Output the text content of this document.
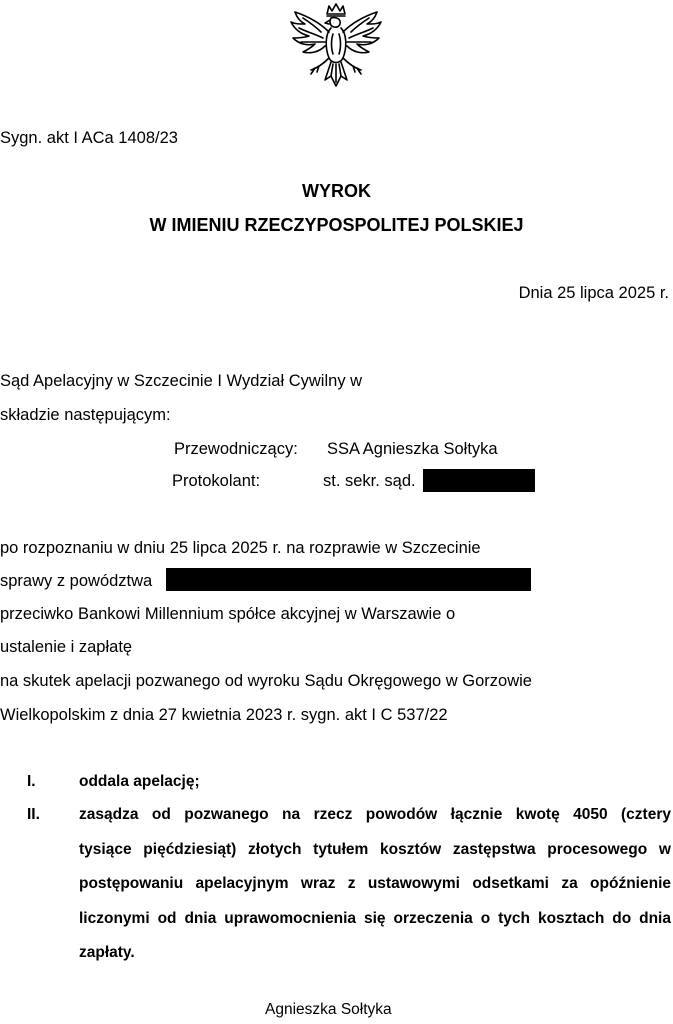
Sygn. akt I ACa 1408/23
WYROK
W IMIENIU RZECZYPOSPOLITEJ POLSKIEJ
Dnia 25 lipca 2025 r.
Sąd Apelacyjny w Szczecinie I Wydział Cywilny w
składzie następującym:
Przewodniczący: SSA Agnieszka Sołtyka
Protokolant:	st. sekr. sąd.
po rozpoznaniu w dniu 25 lipca 2025 r. na rozprawie w Szczecinie
sprawy z powództwa
przeciwko Bankowi Millennium spółce akcyjnej w Warszawie o
ustalenie i zapłatę
na skutek apelacji pozwanego od wyroku Sądu Okręgowego w Gorzowie
Wielkopolskim z dnia 27 kwietnia 2023 r. sygn. akt I C 537/22
I.	oddala apelację;
II.	zasądza od pozwanego na rzecz powodów łącznie kwotę 4050 (cztery
tysiące pięćdziesiąt) złotych tytułem kosztów zastępstwa procesowego w
postępowaniu apelacyjnym wraz z ustawowymi odsetkami za opóźnienie
liczonymi od dnia uprawomocnienia się orzeczenia o tych kosztach do dnia
zapłaty.
Agnieszka Sołtyka
